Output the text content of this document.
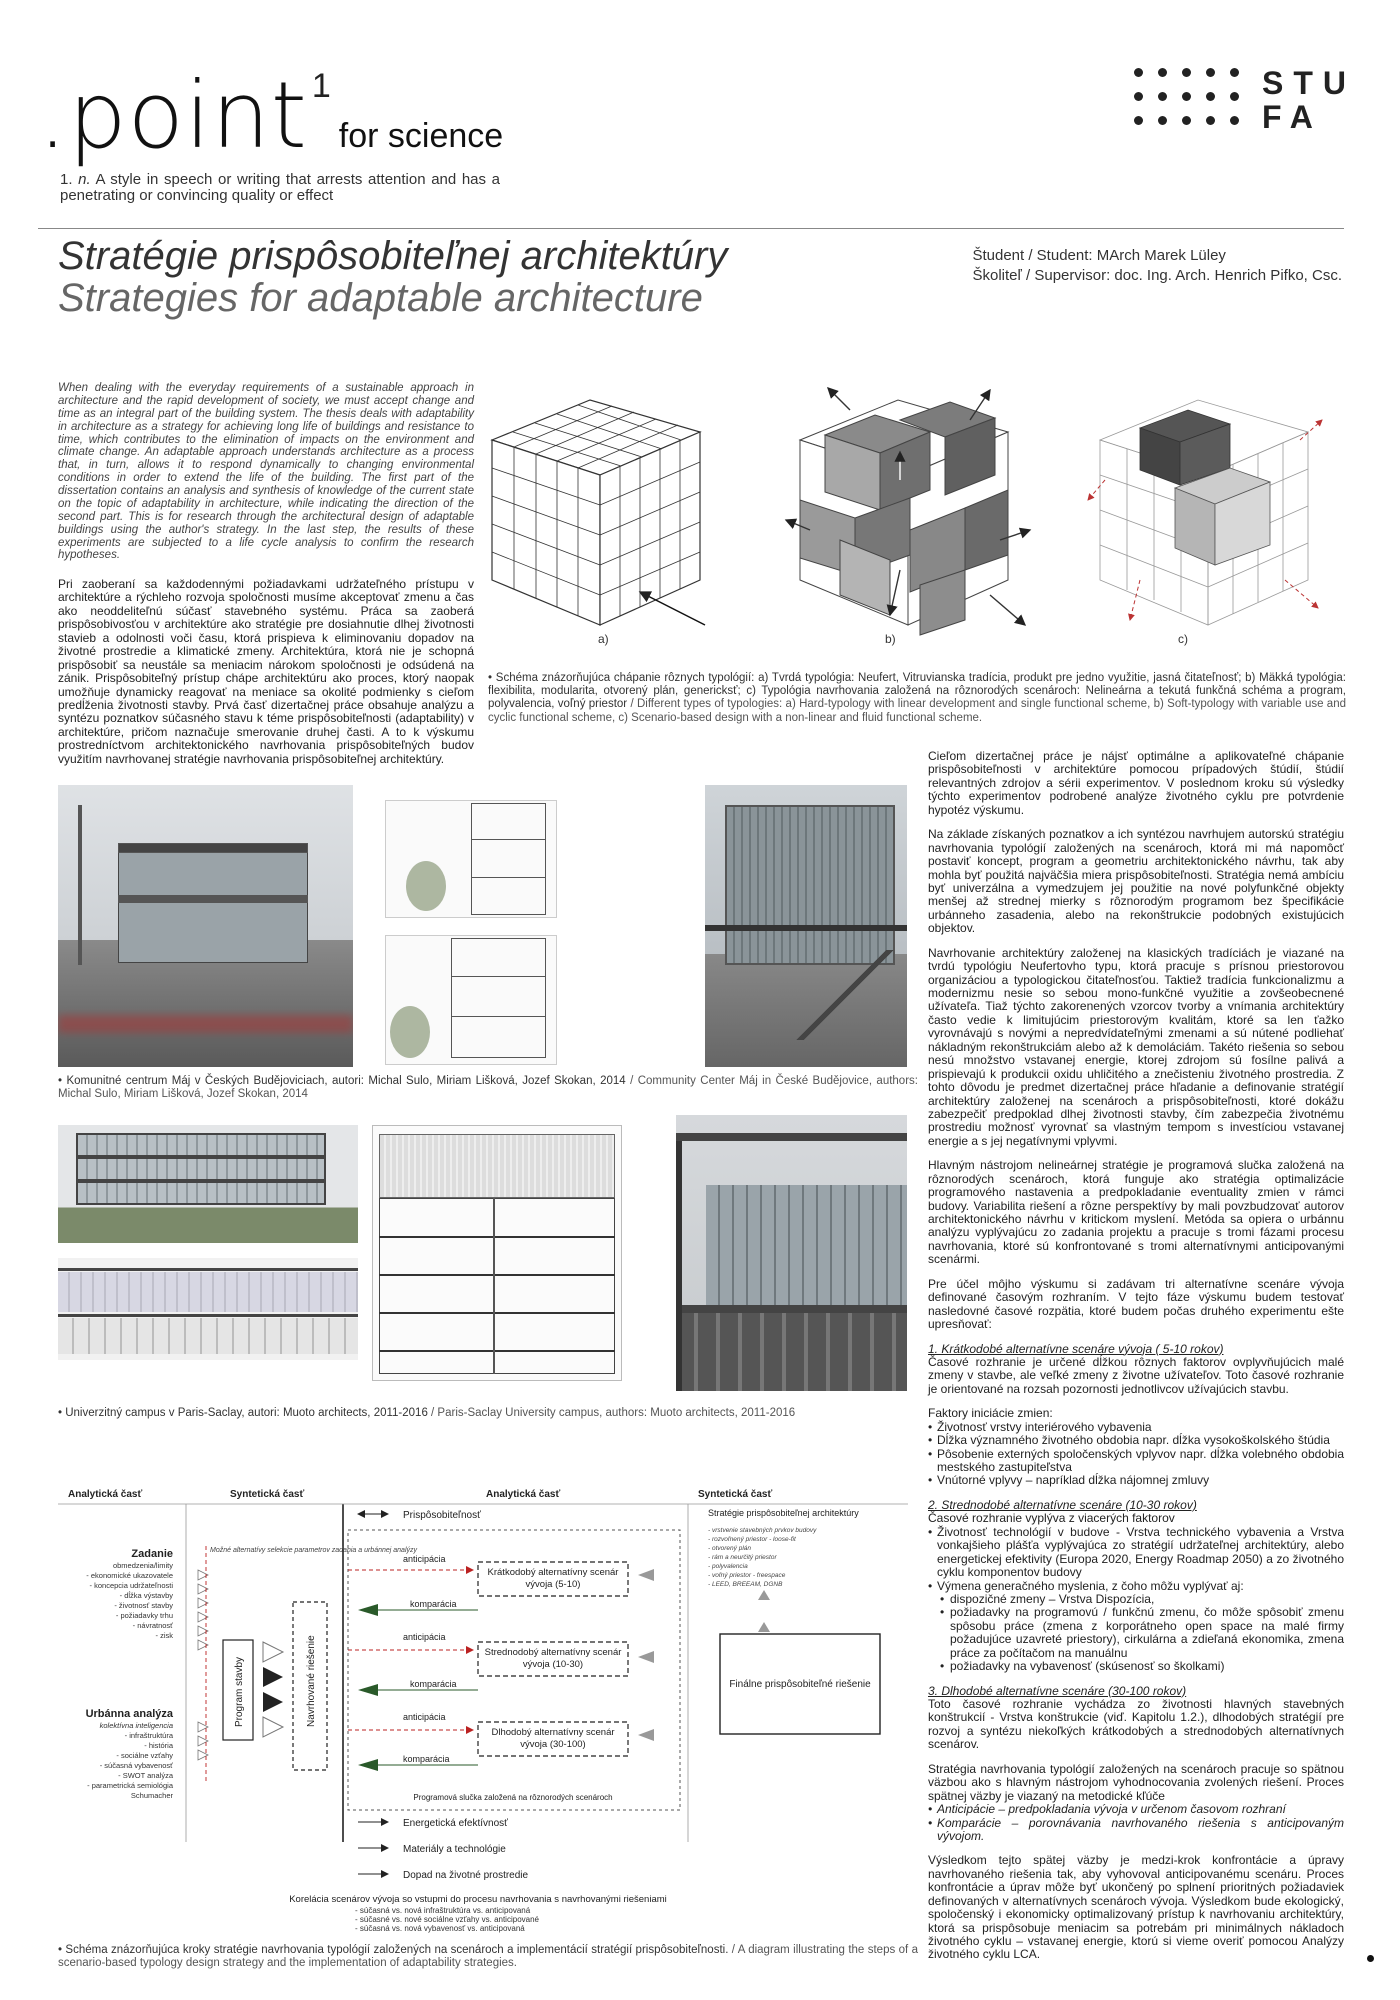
.point 1for science
1. n. A style in speech or writing that arrests attention and has a penetrating or convincing quality or effect
STU
FA
Stratégie prispôsobiteľnej architektúry
Strategies for adaptable architecture
Študent / Student: MArch Marek Lüley
Školiteľ / Supervisor: doc. Ing. Arch. Henrich Pifko, Csc.
When dealing with the everyday requirements of a sustainable approach in architecture and the rapid development of society, we must accept change and time as an integral part of the building system. The thesis deals with adaptability in architecture as a strategy for achieving long life of buildings and resistance to time, which contributes to the elimination of impacts on the environment and climate change. An adaptable approach understands architecture as a process that, in turn, allows it to respond dynamically to changing environmental conditions in order to extend the life of the building. The first part of the dissertation contains an analysis and synthesis of knowledge of the current state on the topic of adaptability in architecture, while indicating the direction of the second part. This is for research through the architectural design of adaptable buildings using the author's strategy. In the last step, the results of these experiments are subjected to a life cycle analysis to confirm the research hypotheses.
Pri zaoberaní sa každodennými požiadavkami udržateľného prístupu v architektúre a rýchleho rozvoja spoločnosti musíme akceptovať zmenu a čas ako neoddeliteľnú súčasť stavebného systému. Práca sa zaoberá prispôsobivosťou v architektúre ako stratégie pre dosiahnutie dlhej životnosti stavieb a odolnosti voči času, ktorá prispieva k eliminovaniu dopadov na životné prostredie a klimatické zmeny. Architektúra, ktorá nie je schopná prispôsobiť sa neustále sa meniacim nárokom spoločnosti je odsúdená na zánik. Prispôsobiteľný prístup chápe architektúru ako proces, ktorý naopak umožňuje dynamicky reagovať na meniace sa okolité podmienky s cieľom predĺženia životnosti stavby. Prvá časť dizertačnej práce obsahuje analýzu a syntézu poznatkov súčasného stavu k téme prispôsobiteľnosti (adaptability) v architektúre, pričom naznačuje smerovanie druhej časti. A to k výskumu prostredníctvom architektonického navrhovania prispôsobiteľných budov využitím navrhovanej stratégie navrhovania prispôsobiteľnej architektúry.
a)	b)	c)
• Schéma znázorňujúca chápanie rôznych typológií: a) Tvrdá typológia: Neufert, Vitruvianska tradícia, produkt pre jedno využitie, jasná čitateľnosť; b) Mäkká typológia: flexibilita, modularita, otvorený plán, genericksť; c) Typológia navrhovania založená na rôznorodých scenároch: Nelineárna a tekutá funkčná schéma a program, polyvalencia, voľný priestor / Different types of typologies: a) Hard-typology with linear development and single functional scheme, b) Soft-typology with variable use and cyclic functional scheme, c) Scenario-based design with a non-linear and fluid functional scheme.

Cieľom dizertačnej práce je nájsť optimálne a aplikovateľné chápanie prispôsobiteľnosti v architektúre pomocou prípadových štúdií, štúdií relevantných zdrojov a sérii experimentov. V poslednom kroku sú výsledky týchto experimentov podrobené analýze životného cyklu pre potvrdenie hypotéz výskumu.

Na základe získaných poznatkov a ich syntézou navrhujem autorskú stratégiu navrhovania typológií založených na scenároch, ktorá mi má napomôcť postaviť koncept, program a geometriu architektonického návrhu, tak aby mohla byť použitá najväčšia miera prispôsobiteľnosti. Stratégia nemá ambíciu byť univerzálna a vymedzujem jej použitie na nové polyfunkčné objekty menšej až strednej mierky s rôznorodým programom bez špecifikácie urbánneho zasadenia, alebo na rekonštrukcie podobných existujúcich objektov.

Navrhovanie architektúry založenej na klasických tradíciách je viazané na tvrdú typológiu Neufertovho typu, ktorá pracuje s prísnou priestorovou organizáciou a typologickou čitateľnosťou. Taktiež tradícia funkcionalizmu a modernizmu nesie so sebou mono-funkčné využitie a zovšeobecnené užívateľa. Tiaž týchto zakorenených vzorcov tvorby a vnímania architektúry často vedie k limitujúcim priestorovým kvalitám, ktoré sa len ťažko vyrovnávajú s novými a nepredvídateľnými zmenami a sú nútené podliehať nákladným rekonštrukciám alebo až k demoláciám. Takéto riešenia so sebou nesú množstvo vstavanej energie, ktorej zdrojom sú fosílne palivá a prispievajú k produkcii oxidu uhličitého a znečisteniu životného prostredia. Z tohto dôvodu je predmet dizertačnej práce hľadanie a definovanie stratégií architektúry založenej na scenároch a prispôsobiteľnosti, ktoré dokážu zabezpečiť predpoklad dlhej životnosti stavby, čím zabezpečia životnému prostrediu možnosť vyrovnať sa vlastným tempom s investíciou vstavanej energie a s jej negatívnymi vplyvmi.

Hlavným nástrojom nelineárnej stratégie je programová slučka založená na rôznorodých scenároch, ktorá funguje ako stratégia optimalizácie programového nastavenia a predpokladanie eventuality zmien v rámci budovy. Variabilita riešení a rôzne perspektívy by mali povzbudzovať autorov architektonického návrhu v kritickom myslení. Metóda sa opiera o urbánnu analýzu vyplývajúcu zo zadania projektu a pracuje s tromi fázami procesu navrhovania, ktoré sú konfrontované s tromi alternatívnymi anticipovanými scenármi.

Pre účel môjho výskumu si zadávam tri alternatívne scenáre vývoja definované časovým rozhraním. V tejto fáze výskumu budem testovať nasledovné časové rozpätia, ktoré budem počas druhého experimentu ešte upresňovať:

1. Krátkodobé alternatívne scenáre vývoja ( 5-10 rokov)

Časové rozhranie je určené dĺžkou rôznych faktorov ovplyvňujúcich malé zmeny v stavbe, ale veľké zmeny z životne užívateľov. Toto časové rozhranie je orientované na rozsah pozornosti jednotlivcov užívajúcich stavbu.

Faktory iniciácie zmien:
• Životnosť vrstvy interiérového vybavenia
• Dĺžka významného životného obdobia napr. dĺžka vysokoškolského štúdia
• Pôsobenie externých spoločenských vplyvov napr. dĺžka volebného obdobia mestského zastupiteľstva
• Vnútorné vplyvy – napríklad dĺžka nájomnej zmluvy
2. Strednodobé alternatívne scenáre (10-30 rokov)
Časové rozhranie vyplýva z viacerých faktorov
• Životnosť technológií v budove - Vrstva technického vybavenia a Vrstva vonkajšieho plášťa vyplývajúca zo stratégií udržateľnej architektúry, alebo energetickej efektivity (Europa 2020, Energy Roadmap 2050) a zo životného cyklu komponentov budovy
• Výmena generačného myslenia, z čoho môžu vyplývať aj:
• dispozičné zmeny – Vrstva Dispozícia,
• požiadavky na programovú / funkčnú zmenu, čo môže spôsobiť zmenu spôsobu práce (zmena z korporátneho open space na malé firmy požadujúce uzavreté priestory), cirkulárna a zdieľaná ekonomika, zmena práce za počítačom na manuálnu
• požiadavky na vybavenosť (skúsenosť so školkami)
3. Dlhodobé alternatívne scenáre (30-100 rokov)

Toto časové rozhranie vychádza zo životnosti hlavných stavebných konštrukcií - Vrstva konštrukcie (viď. Kapitolu 1.2.), dlhodobých stratégií pre rozvoj a syntézu niekoľkých krátkodobých a strednodobých alternatívnych scenárov.

Stratégia navrhovania typológií založených na scenároch pracuje so spätnou väzbou ako s hlavným nástrojom vyhodnocovania zvolených riešení. Proces spätnej väzby je viazaný na metodické kľúče
• Anticipácie – predpokladania vývoja v určenom časovom rozhraní
• Komparácie – porovnávania navrhovaného riešenia s anticipovaným vývojom.

Výsledkom tejto spätej väzby je medzi-krok konfrontácie a úpravy navrhovaného riešenia tak, aby vyhovoval anticipovanému scenáru. Proces konfrontácie a úprav môže byť ukončený po splnení prioritných požiadaviek definovaných v alternatívnych scenároch vývoja. Výsledkom bude ekologický, spoločenský i ekonomicky optimalizovaný prístup k navrhovaniu architektúry, ktorá sa prispôsobuje meniacim sa potrebám pri minimálnych nákladoch životného cyklu – vstavanej energie, ktorú si vieme overiť pomocou Analýzy životného cyklu LCA.

• Komunitné centrum Máj v Českých Budějoviciach, autori: Michal Sulo, Miriam Lišková, Jozef Skokan, 2014 / Community Center Máj in České Budějovice, authors: Michal Sulo, Miriam Lišková, Jozef Skokan, 2014
• Univerzitný campus v Paris-Saclay, autori: Muoto architects, 2011-2016 / Paris-Saclay University campus, authors: Muoto architects, 2011-2016
Analytická časť	Syntetická časť	Analytická časť	Syntetická časť
Zadanie
obmedzenia/limity
- ekonomické ukazovatele
- koncepcia udržateľnosti
- dĺžka výstavby
- životnosť stavby
- požiadavky trhu
- návratnosť
- zisk
Urbánna analýza
kolektívna inteligencia
- infraštruktúra
- história
- sociálne vzťahy
- súčasná vybavenosť
- SWOT analýza
- parametrická semiológia
Schumacher
Možné alternatívy selekcie parametrov zadania a urbánnej analýzy
Program stavby	Navrhované riešenie
Prispôsobiteľnosť
Krátkodobý alternatívny scenár vývoja (5-10)
Strednodobý alternatívny scenár vývoja (10-30)
Dlhodobý alternatívny scenár vývoja (30-100)
anticipácia
komparácia
anticipácia
komparácia
anticipácia
komparácia
Programová slučka založená na rôznorodých scenároch
Energetická efektívnosť
Materiály a technológie
Dopad na životné prostredie
Stratégie prispôsobiteľnej architektúry
- vrstvenie stavebných prvkov budovy
- rozvoľnený priestor - loose-fit
- otvorený plán
- rám a neurčitý priestor
- polyvalencia
- voľný priestor - freespace
- LEED, BREEAM, DGNB
Finálne prispôsobiteľné riešenie
Korelácia scenárov vývoja so vstupmi do procesu navrhovania s navrhovanými riešeniami
- súčasná vs. nová infraštruktúra vs. anticipovaná
- súčasné vs. nové sociálne vzťahy vs. anticipované
- súčasná vs. nová vybavenosť vs. anticipovaná
• Schéma znázorňujúca kroky stratégie navrhovania typológií založených na scenároch a implementácií stratégií prispôsobiteľnosti. / A diagram illustrating the steps of a scenario-based typology design strategy and the implementation of adaptability strategies.
